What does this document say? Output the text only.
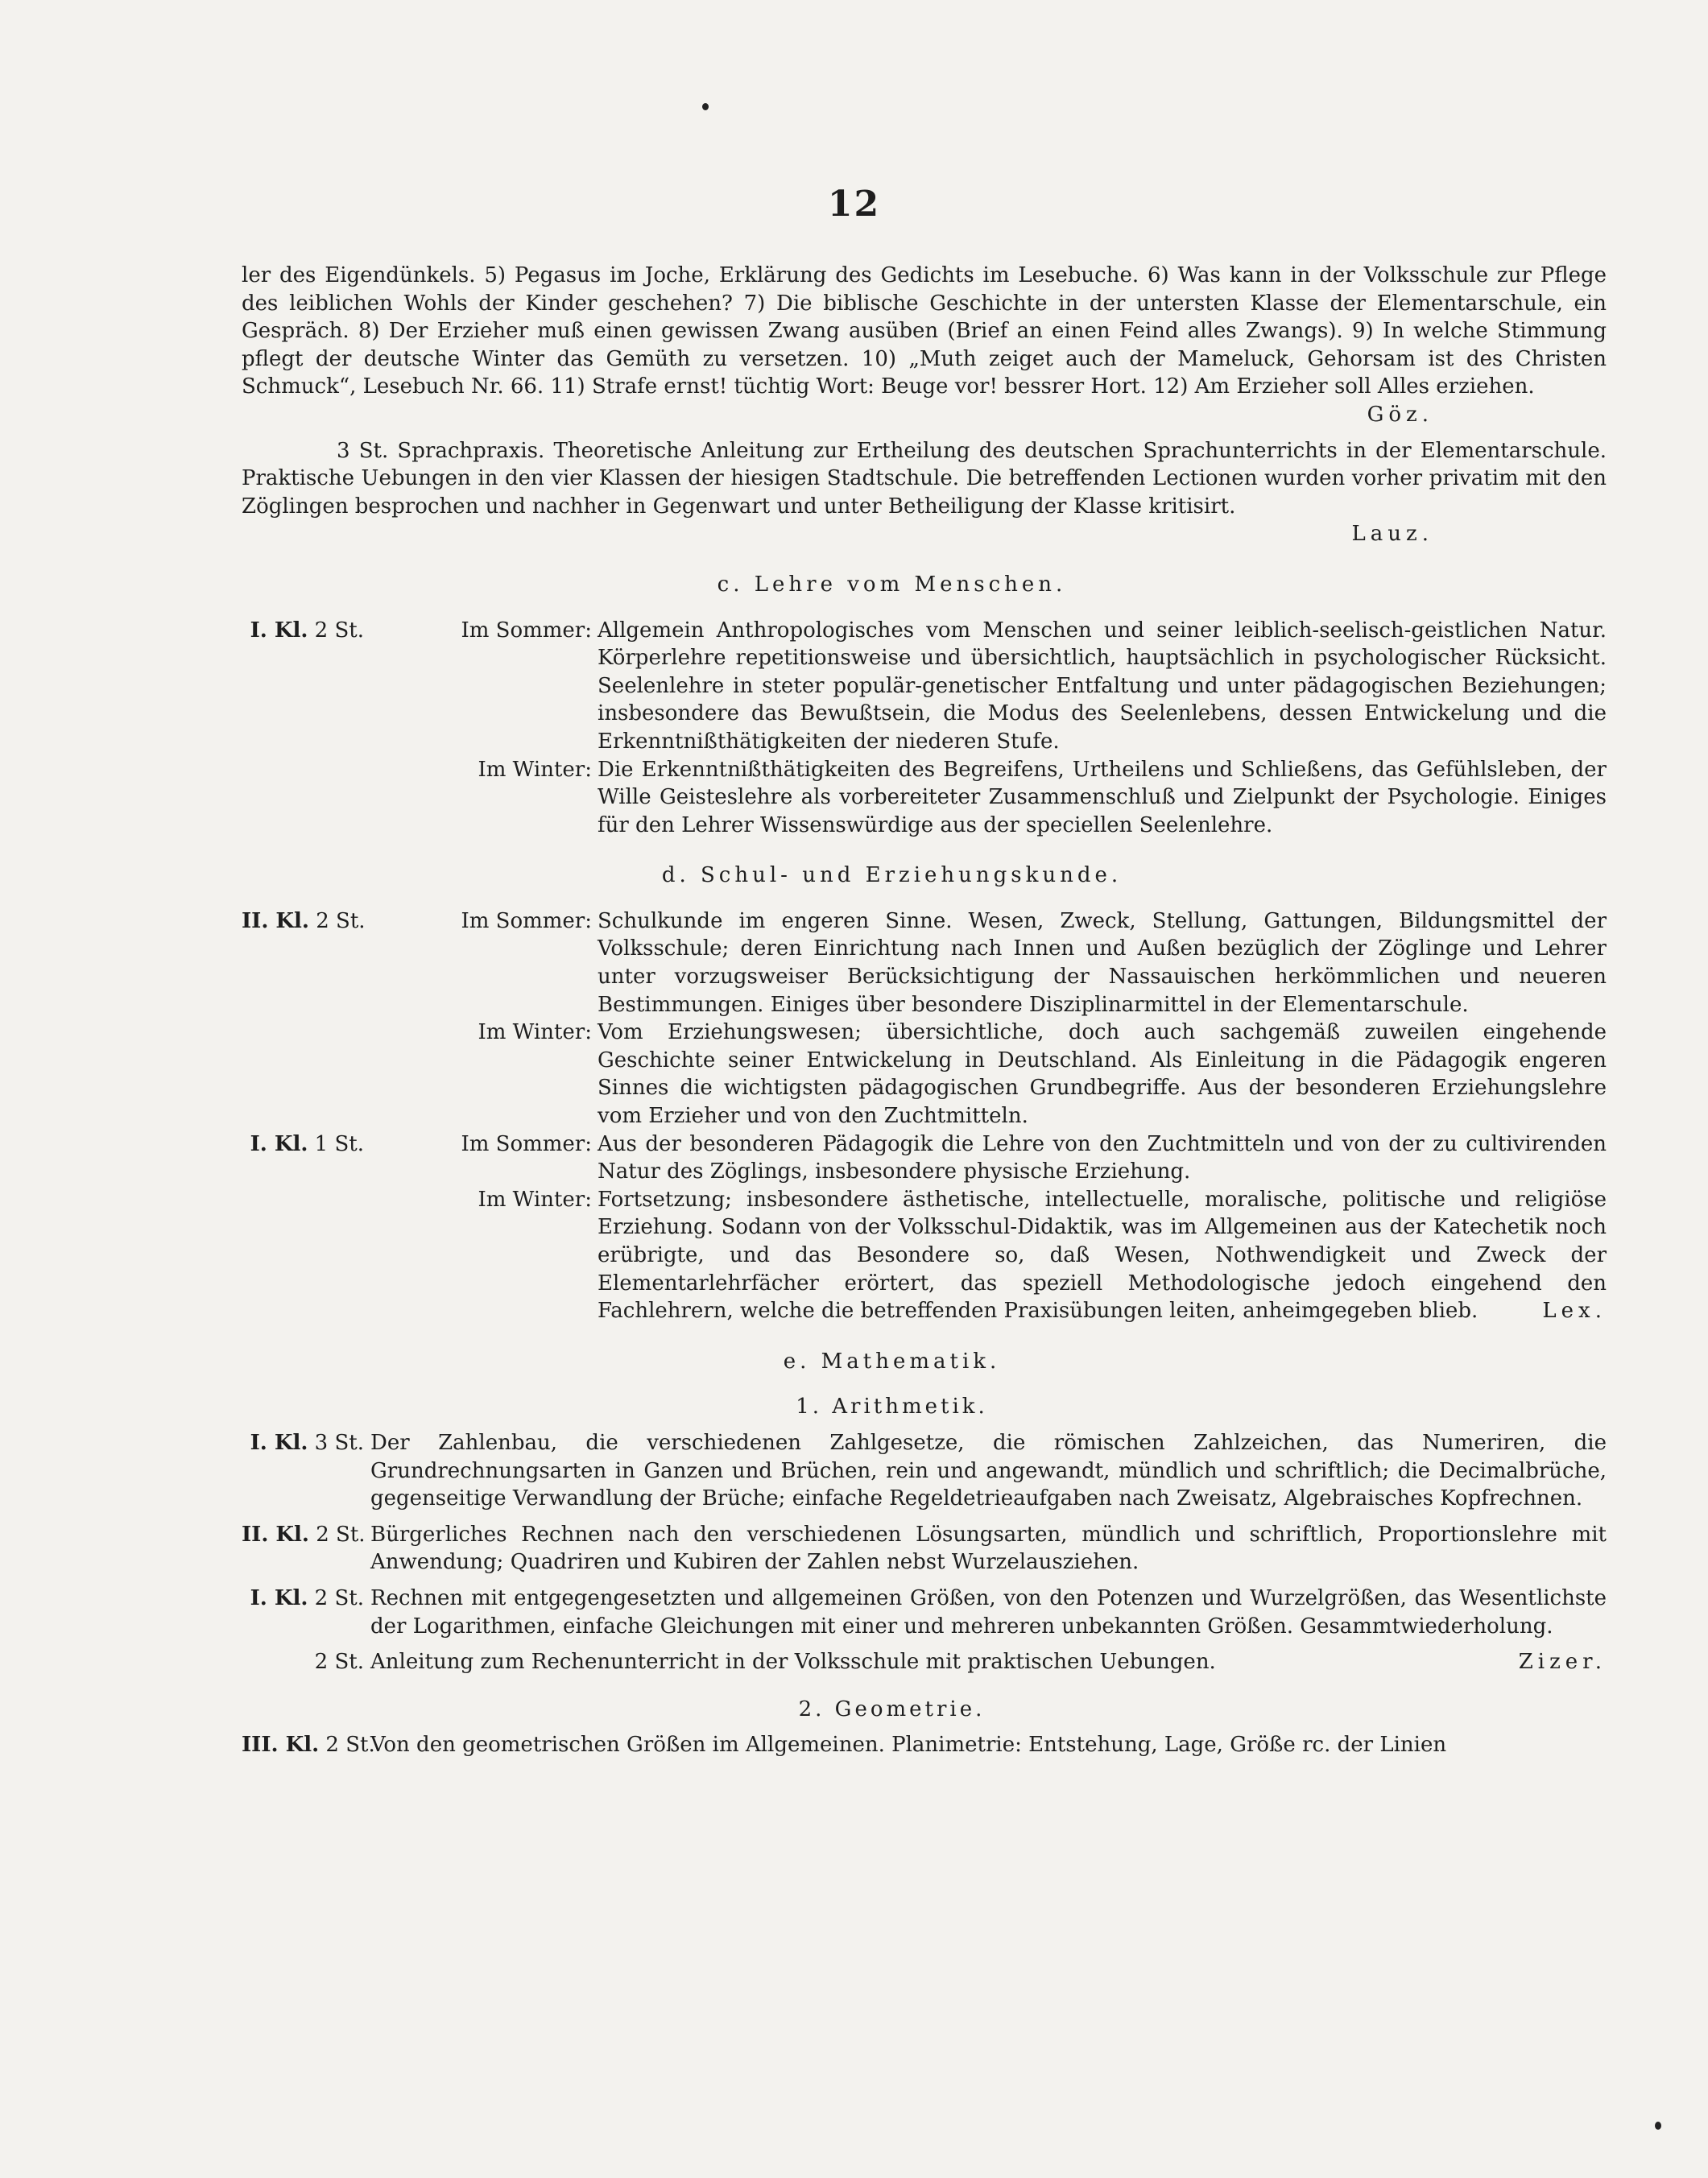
12
ler des Eigendünkels. 5) Pegasus im Joche, Erklärung des Gedichts im Lesebuche. 6) Was kann in der Volksschule zur Pflege des leiblichen Wohls der Kinder geschehen? 7) Die biblische Geschichte in der untersten Klasse der Elementarschule, ein Gespräch. 8) Der Erzieher muß einen gewissen Zwang ausüben (Brief an einen Feind alles Zwangs). 9) In welche Stimmung pflegt der deutsche Winter das Gemüth zu versetzen. 10) „Muth zeiget auch der Mameluck, Gehorsam ist des Christen Schmuck“, Lesebuch Nr. 66. 11) Strafe ernst! tüchtig Wort: Beuge vor! bessrer Hort. 12) Am Erzieher soll Alles erziehen.
Göz.
3 St. Sprachpraxis. Theoretische Anleitung zur Ertheilung des deutschen Sprachunterrichts in der Elementarschule. Praktische Uebungen in den vier Klassen der hiesigen Stadtschule. Die betreffenden Lectionen wurden vorher privatim mit den Zöglingen besprochen und nachher in Gegenwart und unter Betheiligung der Klasse kritisirt.
Lauz.
c. Lehre vom Menschen.
I. Kl. 2 St.	Im Sommer: Allgemein Anthropologisches vom Menschen und seiner leiblich-seelisch-geistlichen Natur. Körperlehre repetitionsweise und übersichtlich, hauptsächlich in psychologischer Rücksicht. Seelenlehre in steter populär-genetischer Entfaltung und unter pädagogischen Beziehungen; insbesondere das Bewußtsein, die Modus des Seelenlebens, dessen Entwickelung und die Erkenntnißthätigkeiten der niederen Stufe.
Im Winter: Die Erkenntnißthätigkeiten des Begreifens, Urtheilens und Schließens, das Gefühlsleben, der Wille Geisteslehre als vorbereiteter Zusammenschluß und Zielpunkt der Psychologie. Einiges für den Lehrer Wissenswürdige aus der speciellen Seelenlehre.
d. Schul- und Erziehungskunde.
II. Kl. 2 St.	Im Sommer: Schulkunde im engeren Sinne. Wesen, Zweck, Stellung, Gattungen, Bildungsmittel der Volksschule; deren Einrichtung nach Innen und Außen bezüglich der Zöglinge und Lehrer unter vorzugsweiser Berücksichtigung der Nassauischen herkömmlichen und neueren Bestimmungen. Einiges über besondere Disziplinarmittel in der Elementarschule.
Im Winter: Vom Erziehungswesen; übersichtliche, doch auch sachgemäß zuweilen eingehende Geschichte seiner Entwickelung in Deutschland. Als Einleitung in die Pädagogik engeren Sinnes die wichtigsten pädagogischen Grundbegriffe. Aus der besonderen Erziehungslehre vom Erzieher und von den Zuchtmitteln.
I. Kl. 1 St.	Im Sommer: Aus der besonderen Pädagogik die Lehre von den Zuchtmitteln und von der zu cultivirenden Natur des Zöglings, insbesondere physische Erziehung.
Im Winter: Fortsetzung; insbesondere ästhetische, intellectuelle, moralische, politische und religiöse Erziehung. Sodann von der Volksschul-Didaktik, was im Allgemeinen aus der Katechetik noch erübrigte, und das Besondere so, daß Wesen, Nothwendigkeit und Zweck der Elementarlehrfächer erörtert, das speziell Methodologische jedoch eingehend den Fachlehrern, welche die betreffenden Praxisübungen leiten, anheimgegeben blieb.	Lex.
e. Mathematik.
1. Arithmetik.
I. Kl. 3 St. Der Zahlenbau, die verschiedenen Zahlgesetze, die römischen Zahlzeichen, das Numeriren, die Grundrechnungsarten in Ganzen und Brüchen, rein und angewandt, mündlich und schriftlich; die Decimalbrüche, gegenseitige Verwandlung der Brüche; einfache Regeldetrieaufgaben nach Zweisatz, Algebraisches Kopfrechnen.
II. Kl. 2 St. Bürgerliches Rechnen nach den verschiedenen Lösungsarten, mündlich und schriftlich, Proportionslehre mit Anwendung; Quadriren und Kubiren der Zahlen nebst Wurzelausziehen.
I. Kl. 2 St. Rechnen mit entgegengesetzten und allgemeinen Größen, von den Potenzen und Wurzelgrößen, das Wesentlichste der Logarithmen, einfache Gleichungen mit einer und mehreren unbekannten Größen. Gesammtwiederholung.
2 St. Anleitung zum Rechenunterricht in der Volksschule mit praktischen Uebungen.	Zizer.
2. Geometrie.
III. Kl. 2 St.
Von den geometrischen Größen im Allgemeinen. Planimetrie: Entstehung, Lage, Größe rc. der Linien
